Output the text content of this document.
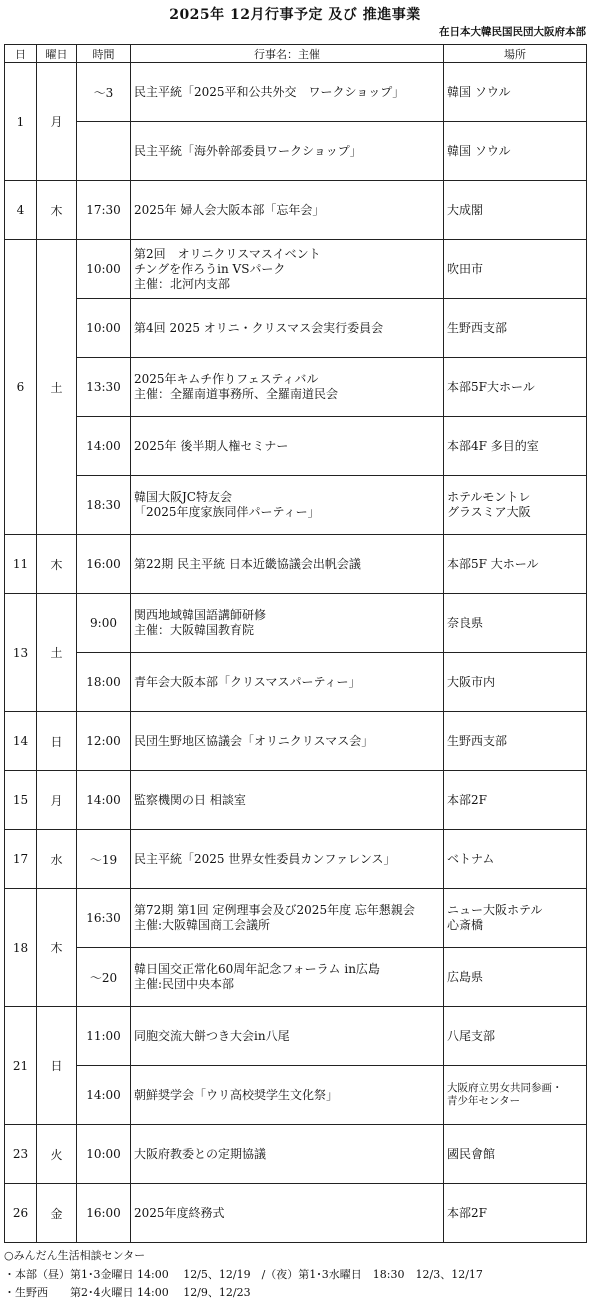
2025年 12月行事予定 及び 推進事業
在日本大韓民国民団大阪府本部
日	曜日	時間	行事名：主催	場所
1	月	～3	民主平統「2025平和公共外交　ワークショップ」	韓国 ソウル

			民主平統「海外幹部委員ワークショップ」	韓国 ソウル

4	木	17:30	2025年 婦人会大阪本部「忘年会」	大成閣

6	土	10:00	第2回　オリニクリスマスイベント
チングを作ろうin VSパーク
主催：北河内支部	吹田市

		10:00	第4回 2025 オリニ・クリスマス会実行委員会	生野西支部

		13:30	2025年キムチ作りフェスティバル
主催：全羅南道事務所、全羅南道民会	本部5F大ホール

		14:00	2025年 後半期人権セミナー	本部4F 多目的室

		18:30	韓国大阪JC特友会
「2025年度家族同伴パーティー」	ホテルモントレ
グラスミア大阪

11	木	16:00	第22期 民主平統 日本近畿協議会出帆会議	本部5F 大ホール

13	土	9:00	関西地域韓国語講師研修
主催：大阪韓国教育院	奈良県

		18:00	青年会大阪本部「クリスマスパーティー」	大阪市内

14	日	12:00	民団生野地区協議会「オリニクリスマス会」	生野西支部

15	月	14:00	監察機関の日 相談室	本部2F

17	水	～19	民主平統「2025 世界女性委員カンファレンス」	ベトナム

18	木	16:30	第72期 第1回 定例理事会及び2025年度 忘年懇親会
主催:大阪韓国商工会議所	ニュー大阪ホテル
心斎橋

		～20	韓日国交正常化60周年記念フォーラム in広島
主催:民団中央本部	広島県

21	日	11:00	同胞交流大餅つき大会in八尾	八尾支部

		14:00	朝鮮奨学会「ウリ高校奨学生文化祭」	大阪府立男女共同参画・
青少年センター

23	火	10:00	大阪府教委との定期協議	國民會館

26	金	16:00	2025年度終務式	本部2F
○みんだん生活相談センター
・本部（昼）第1･3金曜日 14:00　 12/5、12/19　/（夜）第1･3水曜日　18:30　12/3、12/17
・生野西　　第2･4火曜日 14:00　 12/9、12/23
